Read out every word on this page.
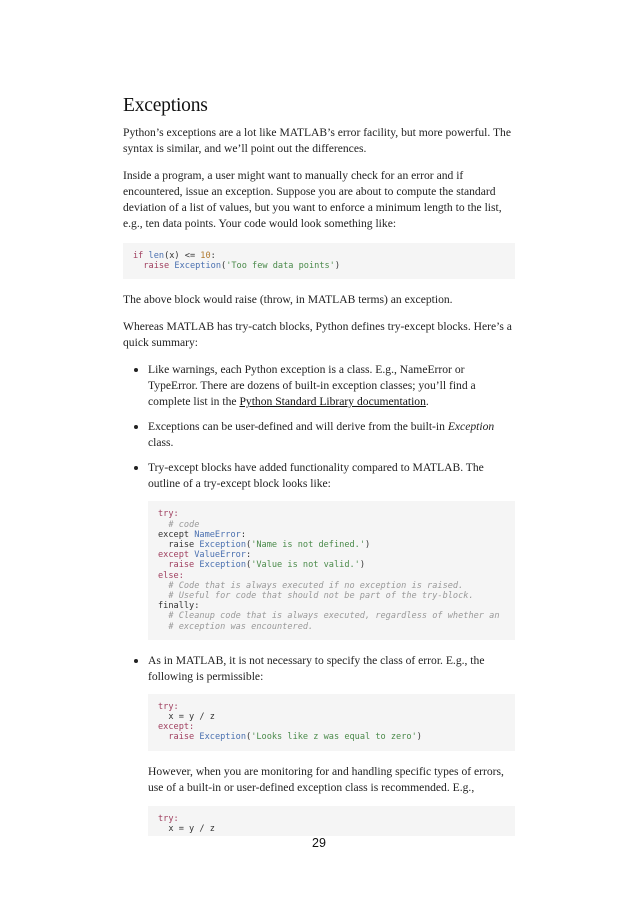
Exceptions

Python’s exceptions are a lot like MATLAB’s error facility, but more powerful. The syntax is similar, and we’ll point out the differences.

Inside a program, a user might want to manually check for an error and if encountered, issue an exception. Suppose you are about to compute the standard deviation of a list of values, but you want to enforce a minimum length to the list, e.g., ten data points. Your code would look something like:

if len(x) <= 10:
raise Exception('Too few data points')

The above block would raise (throw, in MATLAB terms) an exception.

Whereas MATLAB has try-catch blocks, Python defines try-except blocks. Here’s a quick summary:

Like warnings, each Python exception is a class. E.g., NameError or TypeError. There are dozens of built-in exception classes; you’ll find a complete list in the Python Standard Library documentation.

Exceptions can be user-defined and will derive from the built-in Exception class.

Try-except blocks have added functionality compared to MATLAB. The outline of a try-except block looks like:

try:
# code
except NameError:
raise Exception('Name is not defined.')
except ValueError:
raise Exception('Value is not valid.')
else:
# Code that is always executed if no exception is raised.
# Useful for code that should not be part of the try-block.
finally:
# Cleanup code that is always executed, regardless of whether an
# exception was encountered.

As in MATLAB, it is not necessary to specify the class of error. E.g., the following is permissible:

try:
x = y / z
except:
raise Exception('Looks like z was equal to zero')

However, when you are monitoring for and handling specific types of errors, use of a built-in or user-defined exception class is recommended. E.g.,

try:
x = y / z
29
